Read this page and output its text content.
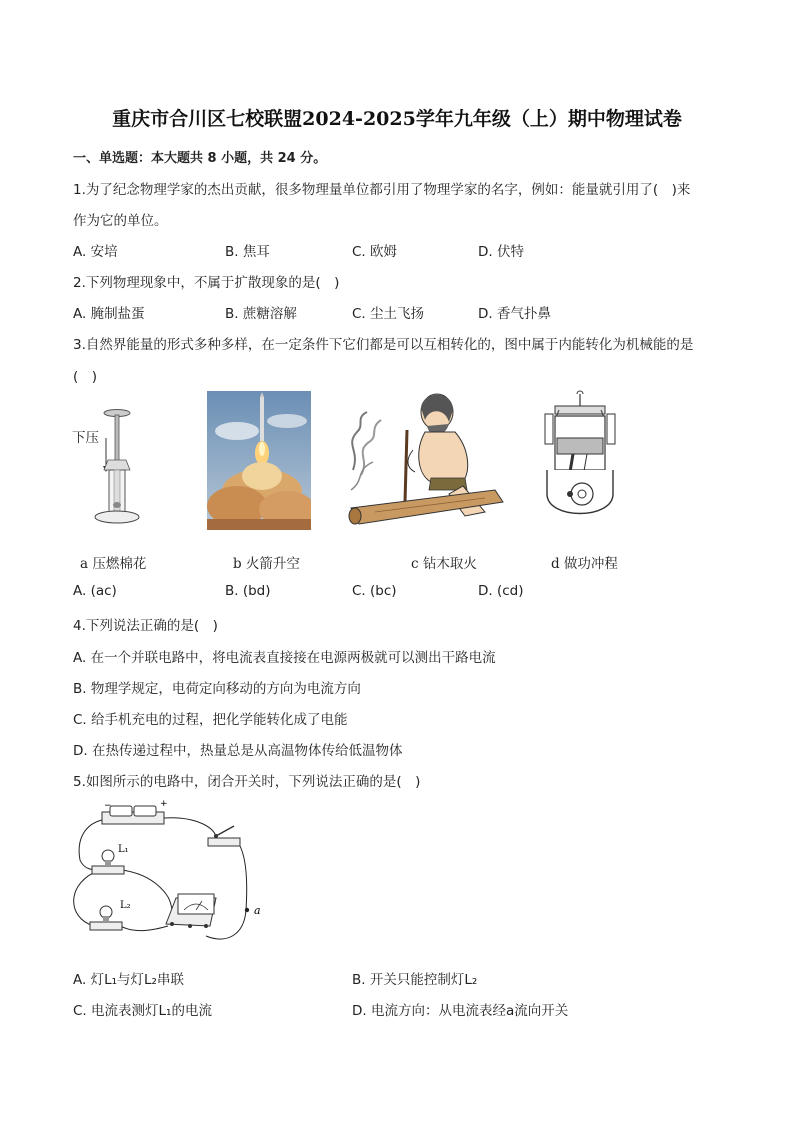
重庆市合川区七校联盟2024-2025学年九年级（上）期中物理试卷
一、单选题：本大题共 8 小题，共 24 分。
1.为了纪念物理学家的杰出贡献，很多物理量单位都引用了物理学家的名字，例如：能量就引用了(　)来
作为它的单位。
A. 安培	B. 焦耳	C. 欧姆	D. 伏特
2.下列物理现象中，不属于扩散现象的是(　)
A. 腌制盐蛋	B. 蔗糖溶解	C. 尘土飞扬	D. 香气扑鼻
3.自然界能量的形式多种多样，在一定条件下它们都是可以互相转化的，图中属于内能转化为机械能的是
(　)
下压
a 压燃棉花	b 火箭升空	c 钻木取火	d 做功冲程
A. (ac)	B. (bd)	C. (bc)	D. (cd)
4.下列说法正确的是(　)
A. 在一个并联电路中，将电流表直接接在电源两极就可以测出干路电流
B. 物理学规定，电荷定向移动的方向为电流方向
C. 给手机充电的过程，把化学能转化成了电能
D. 在热传递过程中，热量总是从高温物体传给低温物体
5.如图所示的电路中，闭合开关时，下列说法正确的是(　)
−	+
a
L₁
L₂
A. 灯L₁与灯L₂串联	B. 开关只能控制灯L₂
C. 电流表测灯L₁的电流	D. 电流方向：从电流表经a流向开关
